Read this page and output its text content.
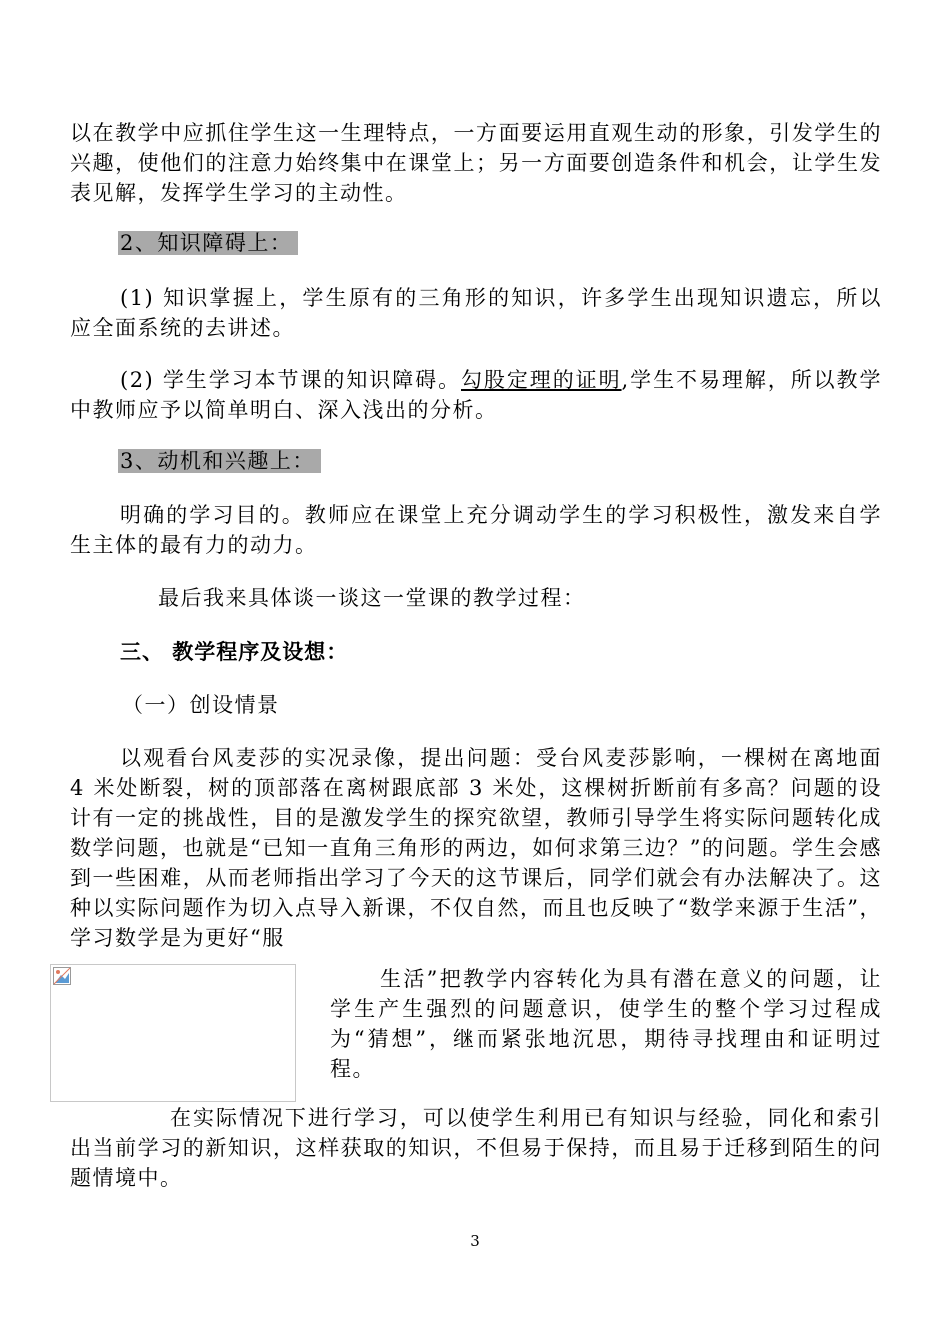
以在教学中应抓住学生这一生理特点，一方面要运用直观生动的形象，引发学生的兴趣，使他们的注意力始终集中在课堂上；另一方面要创造条件和机会，让学生发表见解，发挥学生学习的主动性。

2、知识障碍上：

(1) 知识掌握上，学生原有的三角形的知识，许多学生出现知识遗忘，所以应全面系统的去讲述。

(2) 学生学习本节课的知识障碍。勾股定理的证明,学生不易理解，所以教学中教师应予以简单明白、深入浅出的分析。

3、动机和兴趣上：

明确的学习目的。教师应在课堂上充分调动学生的学习积极性，激发来自学生主体的最有力的动力。

最后我来具体谈一谈这一堂课的教学过程：

三、 教学程序及设想：

（一）创设情景

以观看台风麦莎的实况录像，提出问题：受台风麦莎影响，一棵树在离地面 4 米处断裂，树的顶部落在离树跟底部 3 米处，这棵树折断前有多高？问题的设计有一定的挑战性，目的是激发学生的探究欲望，教师引导学生将实际问题转化成数学问题，也就是“已知一直角三角形的两边，如何求第三边？”的问题。学生会感到一些困难，从而老师指出学习了今天的这节课后，同学们就会有办法解决了。这种以实际问题作为切入点导入新课，不仅自然，而且也反映了“数学来源于生活”，学习数学是为更好“服

生活”把教学内容转化为具有潜在意义的问题，让学生产生强烈的问题意识，使学生的整个学习过程成为“猜想”，继而紧张地沉思，期待寻找理由和证明过程。

在实际情况下进行学习，可以使学生利用已有知识与经验，同化和索引出当前学习的新知识，这样获取的知识，不但易于保持，而且易于迁移到陌生的问题情境中。

3
